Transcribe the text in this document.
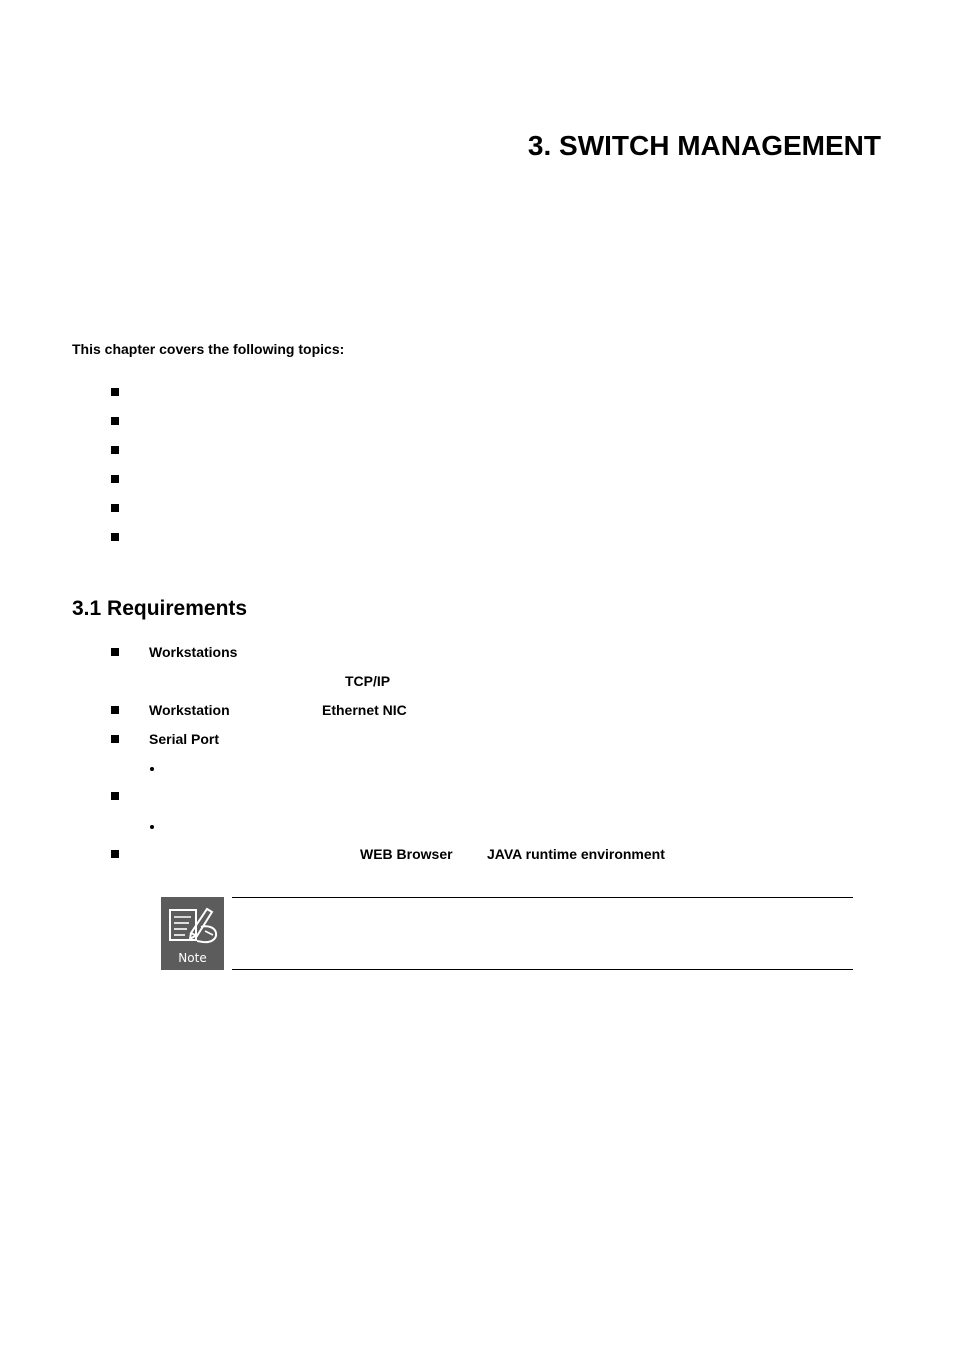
3. SWITCH MANAGEMENT
This chapter covers the following topics:
3.1 Requirements
Workstations
TCP/IP
Workstation	Ethernet NIC
Serial Port
WEB Browser JAVA runtime environment
Note
